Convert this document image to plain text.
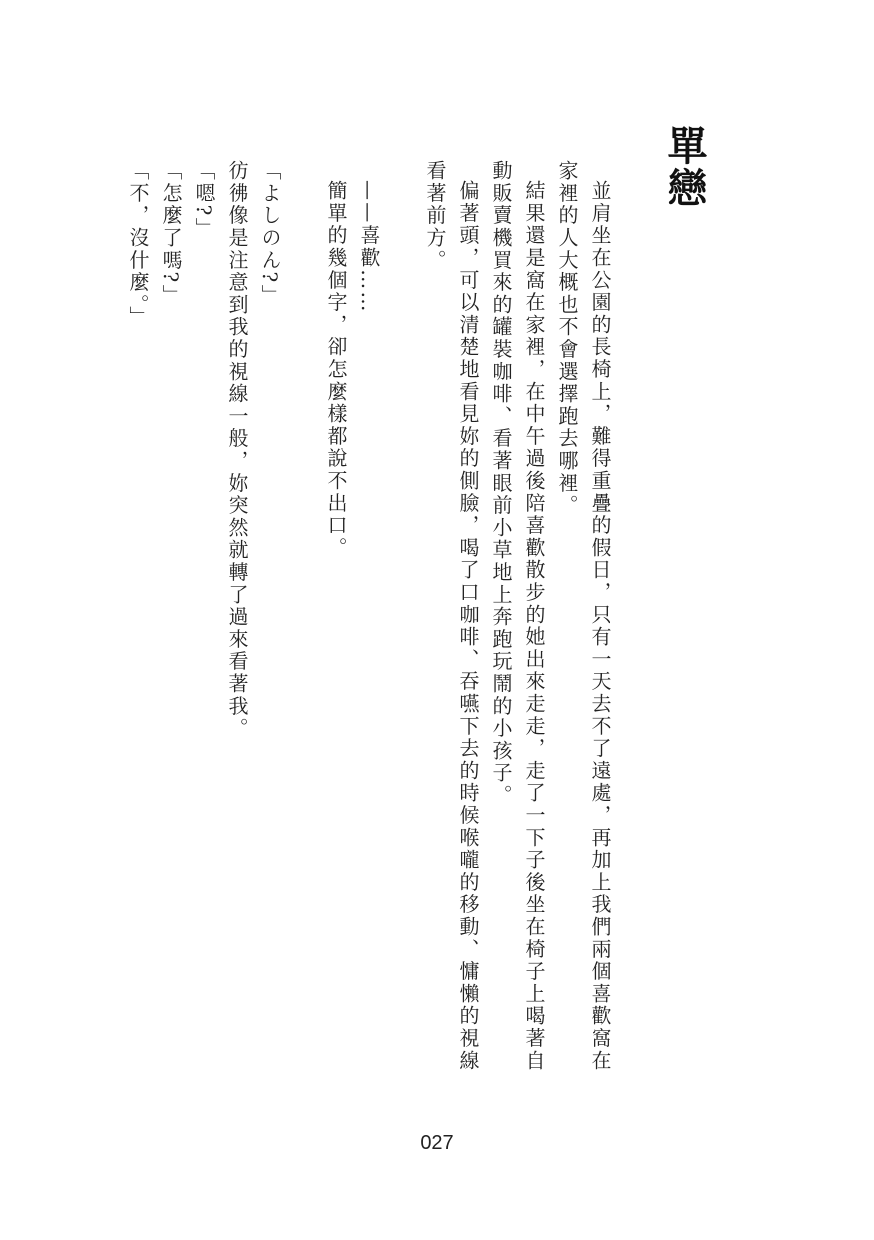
單戀

並肩坐在公園的長椅上，難得重疊的假日，只有一天去不了遠處，再加上我們兩個喜歡窩在家裡的人大概也不會選擇跑去哪裡。

結果還是窩在家裡，在中午過後陪喜歡散步的她出來走走，走了一下子後坐在椅子上喝著自動販賣機買來的罐裝咖啡、看著眼前小草地上奔跑玩鬧的小孩子。

偏著頭，可以清楚地看見妳的側臉，喝了口咖啡、吞嚥下去的時候喉嚨的移動、慵懶的視線看著前方。

——喜歡……

簡單的幾個字，卻怎麼樣都說不出口。

「よしのん?」

彷彿像是注意到我的視線一般，妳突然就轉了過來看著我。

「嗯?」

「怎麼了嗎?」

「不，沒什麼。」

027
